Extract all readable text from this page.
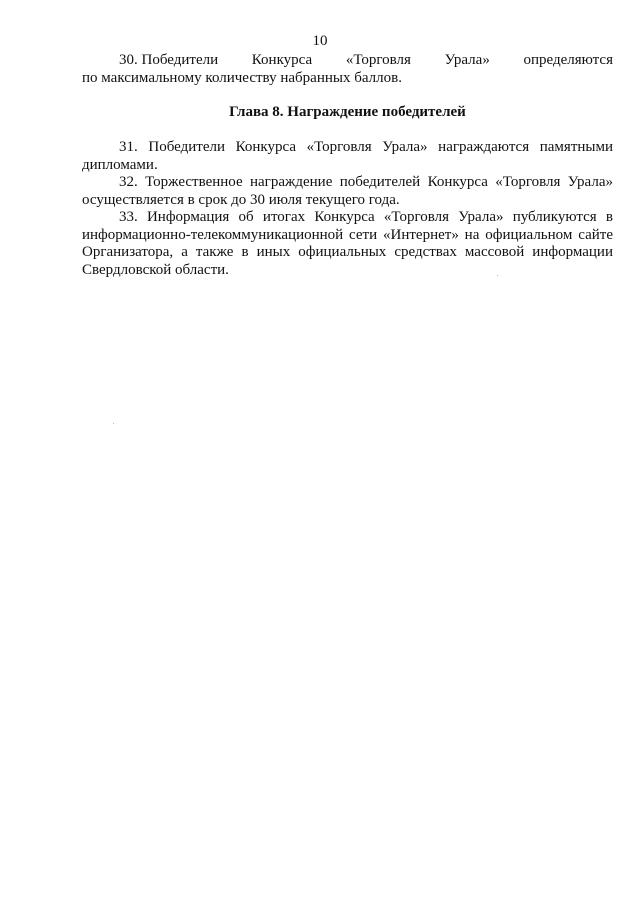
10
30. Победители Конкурса «Торговля Урала» определяются

по максимальному количеству набранных баллов.

Глава 8. Награждение победителей

31. Победители Конкурса «Торговля Урала» награждаются памятными дипломами.

32. Торжественное награждение победителей Конкурса «Торговля Урала» осуществляется в срок до 30 июля текущего года.

33. Информация об итогах Конкурса «Торговля Урала» публикуются в информационно-телекоммуникационной сети «Интернет» на официальном сайте Организатора, а также в иных официальных средствах массовой информации Свердловской области.
